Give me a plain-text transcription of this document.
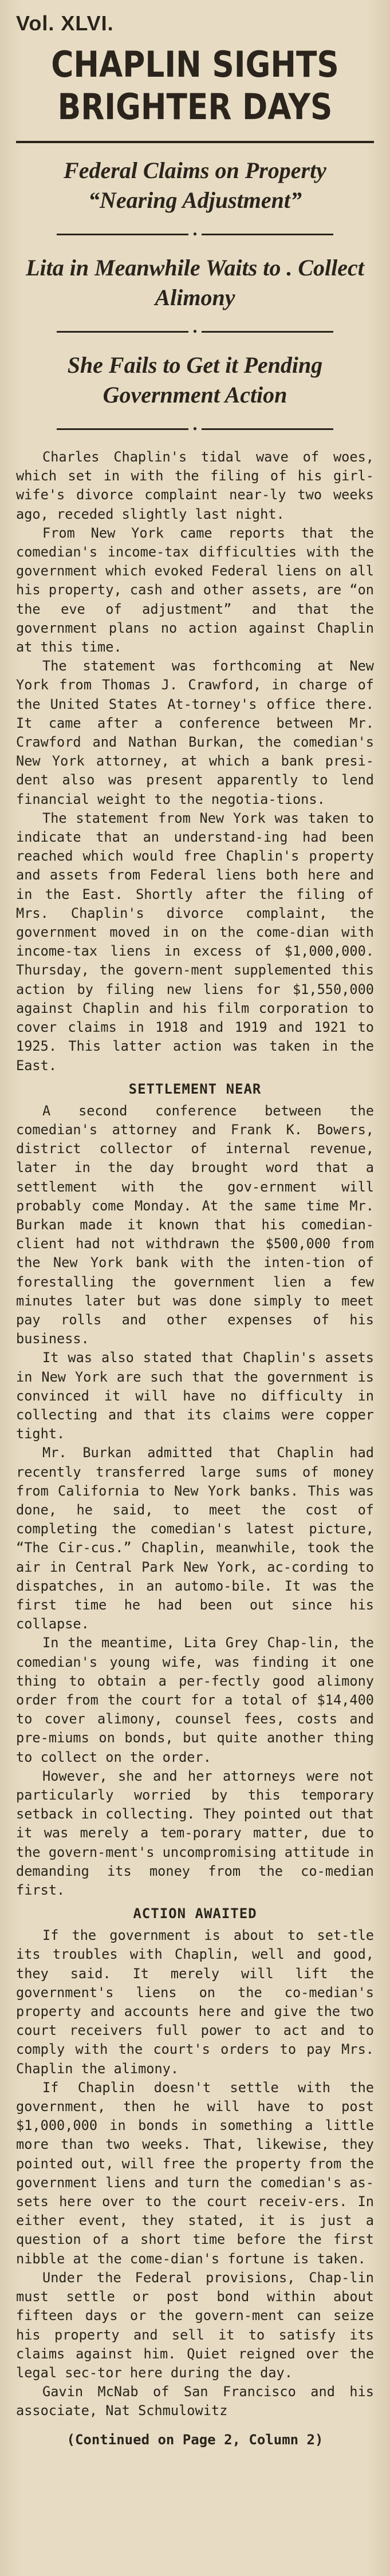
Vol. XLVI.
CHAPLIN SIGHTS BRIGHTER DAYS
Federal Claims on Property “Nearing Adjustment”
•
Lita in Meanwhile Waits to . Collect Alimony
•
She Fails to Get it Pending Government Action
•

Charles Chaplin's tidal wave of woes, which set in with the filing of his girl-wife's divorce complaint near-ly two weeks ago, receded slightly last night.

From New York came reports that the comedian's income-tax difficulties with the government which evoked Federal liens on all his property, cash and other assets, are “on the eve of adjustment” and that the government plans no action against Chaplin at this time.

The statement was forthcoming at New York from Thomas J. Crawford, in charge of the United States At-torney's office there. It came after a conference between Mr. Crawford and Nathan Burkan, the comedian's New York attorney, at which a bank presi-dent also was present apparently to lend financial weight to the negotia-tions.

The statement from New York was taken to indicate that an understand-ing had been reached which would free Chaplin's property and assets from Federal liens both here and in the East. Shortly after the filing of Mrs. Chaplin's divorce complaint, the government moved in on the come-dian with income-tax liens in excess of $1,000,000. Thursday, the govern-ment supplemented this action by filing new liens for $1,550,000 against Chaplin and his film corporation to cover claims in 1918 and 1919 and 1921 to 1925. This latter action was taken in the East.

SETTLEMENT NEAR

A second conference between the comedian's attorney and Frank K. Bowers, district collector of internal revenue, later in the day brought word that a settlement with the gov-ernment will probably come Monday. At the same time Mr. Burkan made it known that his comedian-client had not withdrawn the $500,000 from the New York bank with the inten-tion of forestalling the government lien a few minutes later but was done simply to meet pay rolls and other expenses of his business.

It was also stated that Chaplin's assets in New York are such that the government is convinced it will have no difficulty in collecting and that its claims were copper tight.

Mr. Burkan admitted that Chaplin had recently transferred large sums of money from California to New York banks. This was done, he said, to meet the cost of completing the comedian's latest picture, “The Cir-cus.” Chaplin, meanwhile, took the air in Central Park New York, ac-cording to dispatches, in an automo-bile. It was the first time he had been out since his collapse.

In the meantime, Lita Grey Chap-lin, the comedian's young wife, was finding it one thing to obtain a per-fectly good alimony order from the court for a total of $14,400 to cover alimony, counsel fees, costs and pre-miums on bonds, but quite another thing to collect on the order.

However, she and her attorneys were not particularly worried by this temporary setback in collecting. They pointed out that it was merely a tem-porary matter, due to the govern-ment's uncompromising attitude in demanding its money from the co-median first.

ACTION AWAITED

If the government is about to set-tle its troubles with Chaplin, well and good, they said. It merely will lift the government's liens on the co-median's property and accounts here and give the two court receivers full power to act and to comply with the court's orders to pay Mrs. Chaplin the alimony.

If Chaplin doesn't settle with the government, then he will have to post $1,000,000 in bonds in something a little more than two weeks. That, likewise, they pointed out, will free the property from the government liens and turn the comedian's as-sets here over to the court receiv-ers. In either event, they stated, it is just a question of a short time before the first nibble at the come-dian's fortune is taken.

Under the Federal provisions, Chap-lin must settle or post bond within about fifteen days or the govern-ment can seize his property and sell it to satisfy its claims against him. Quiet reigned over the legal sec-tor here during the day.

Gavin McNab of San Francisco and his associate, Nat Schmulowitz

(Continued on Page 2, Column 2)
